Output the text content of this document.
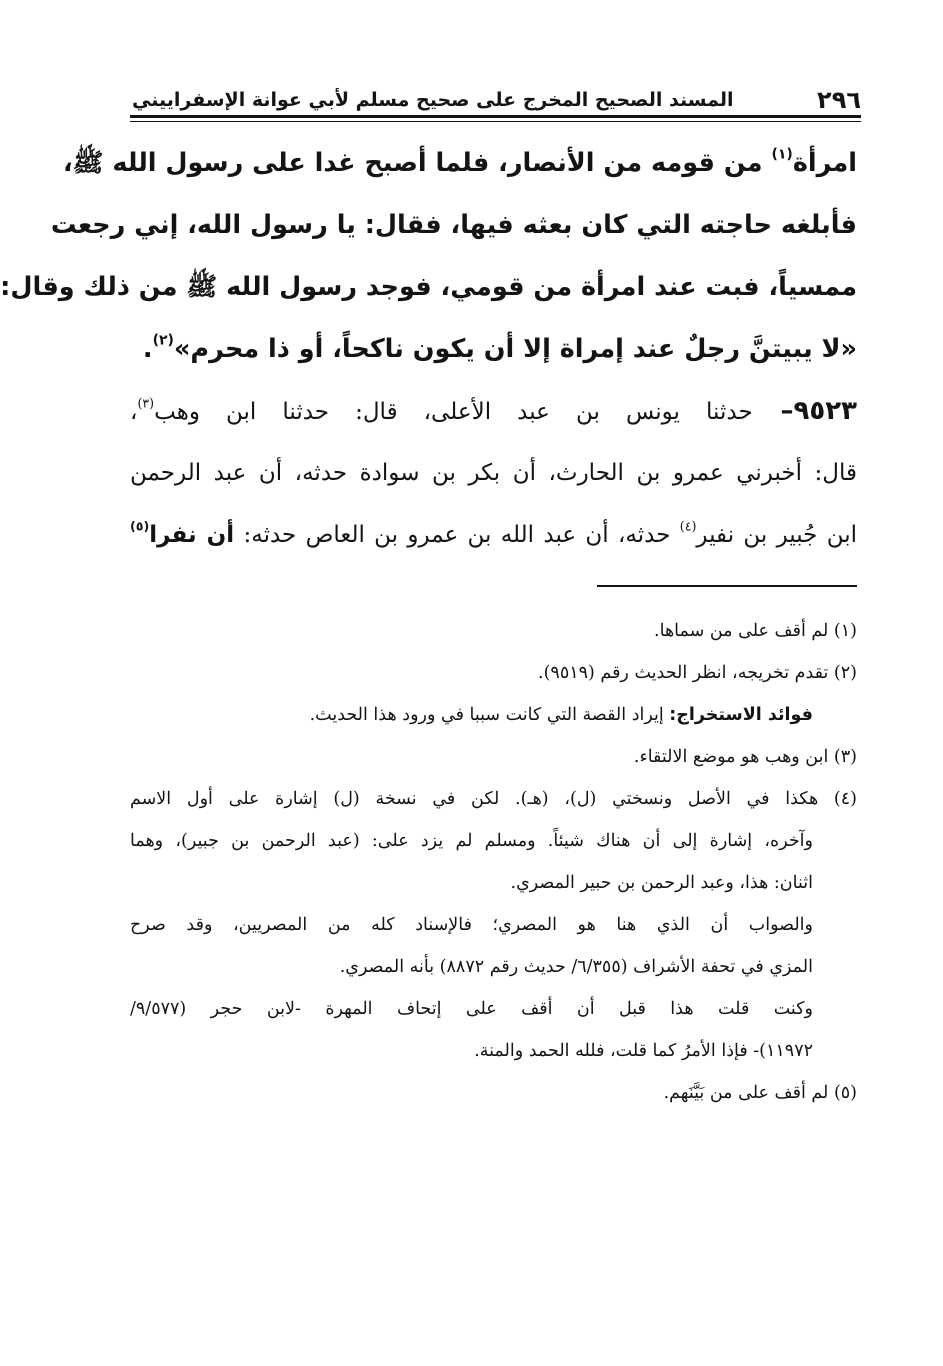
٢٩٦
المسند الصحيح المخرج على صحيح مسلم لأبي عوانة الإسفراييني
امرأة$^{(١)}$ من قومه من الأنصار، فلما أصبح غدا على رسول الله ﷺ،
فأبلغه حاجته التي كان بعثه فيها، فقال: يا رسول الله، إني رجعت
ممسياً، فبت عند امرأة من قومي، فوجد رسول الله ﷺ من ذلك وقال:
«لا يبيتنَّ رجلٌ عند إمراة إلا أن يكون ناكحاً، أو ذا محرم»$^{(٢)}$.
٩٥٢٣– حدثنا يونس بن عبد الأعلى، قال: حدثنا ابن وهب$^{(٣)}$،
قال: أخبرني عمرو بن الحارث، أن بكر بن سوادة حدثه، أن عبد الرحمن
ابن جُبير بن نفير$^{(٤)}$ حدثه، أن عبد الله بن عمرو بن العاص حدثه: أن نفرا$^{(٥)}$
(١) لم أقف على من سماها.
(٢) تقدم تخريجه، انظر الحديث رقم (٩٥١٩).
فوائد الاستخراج: إيراد القصة التي كانت سببا في ورود هذا الحديث.
(٣) ابن وهب هو موضع الالتقاء.
(٤) هكذا في الأصل ونسختي (ل)، (هـ). لكن في نسخة (ل) إشارة على أول الاسم
وآخره، إشارة إلى أن هناك شيئاً. ومسلم لم يزد على: (عبد الرحمن بن جبير)، وهما
اثنان: هذا، وعبد الرحمن بن حبير المصري.
والصواب أن الذي هنا هو المصري؛ فالإسناد كله من المصريين، وقد صرح
المزي في تحفة الأشراف (٦/٣٥٥/ حديث رقم ٨٨٧٢) بأنه المصري.
وكنت قلت هذا قبل أن أقف على إتحاف المهرة -لابن حجر (٩/٥٧٧/
١١٩٧٢)- فإذا الأمرُ كما قلت، فلله الحمد والمنة.
(٥) لم أقف على من بَيَّنَهم.
